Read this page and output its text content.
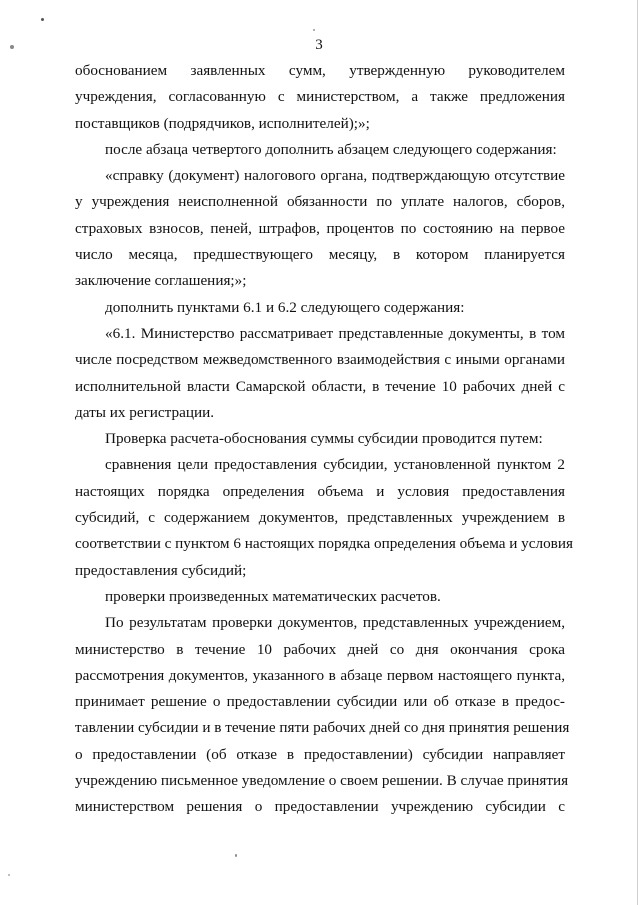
3
обоснованием заявленных сумм, утвержденную руководителем
учреждения, согласованную с министерством, а также предложения
поставщиков (подрядчиков, исполнителей);»;
после абзаца четвертого дополнить абзацем следующего содержания:
«справку (документ) налогового органа, подтверждающую отсутствие
у учреждения неисполненной обязанности по уплате налогов, сборов,
страховых взносов, пеней, штрафов, процентов по состоянию на первое
число месяца, предшествующего месяцу, в котором планируется
заключение соглашения;»;
дополнить пунктами 6.1 и 6.2 следующего содержания:
«6.1. Министерство рассматривает представленные документы, в том
числе посредством межведомственного взаимодействия с иными органами
исполнительной власти Самарской области, в течение 10 рабочих дней с
даты их регистрации.
Проверка расчета-обоснования суммы субсидии проводится путем:
сравнения цели предоставления субсидии, установленной пунктом 2
настоящих порядка определения объема и условия предоставления
субсидий, с содержанием документов, представленных учреждением в
соответствии с пунктом 6 настоящих порядка определения объема и условия
предоставления субсидий;
проверки произведенных математических расчетов.
По результатам проверки документов, представленных учреждением,
министерство в течение 10 рабочих дней со дня окончания срока
рассмотрения документов, указанного в абзаце первом настоящего пункта,
принимает решение о предоставлении субсидии или об отказе в предос-
тавлении субсидии и в течение пяти рабочих дней со дня принятия решения
о предоставлении (об отказе в предоставлении) субсидии направляет
учреждению письменное уведомление о своем решении. В случае принятия
министерством решения о предоставлении учреждению субсидии с
